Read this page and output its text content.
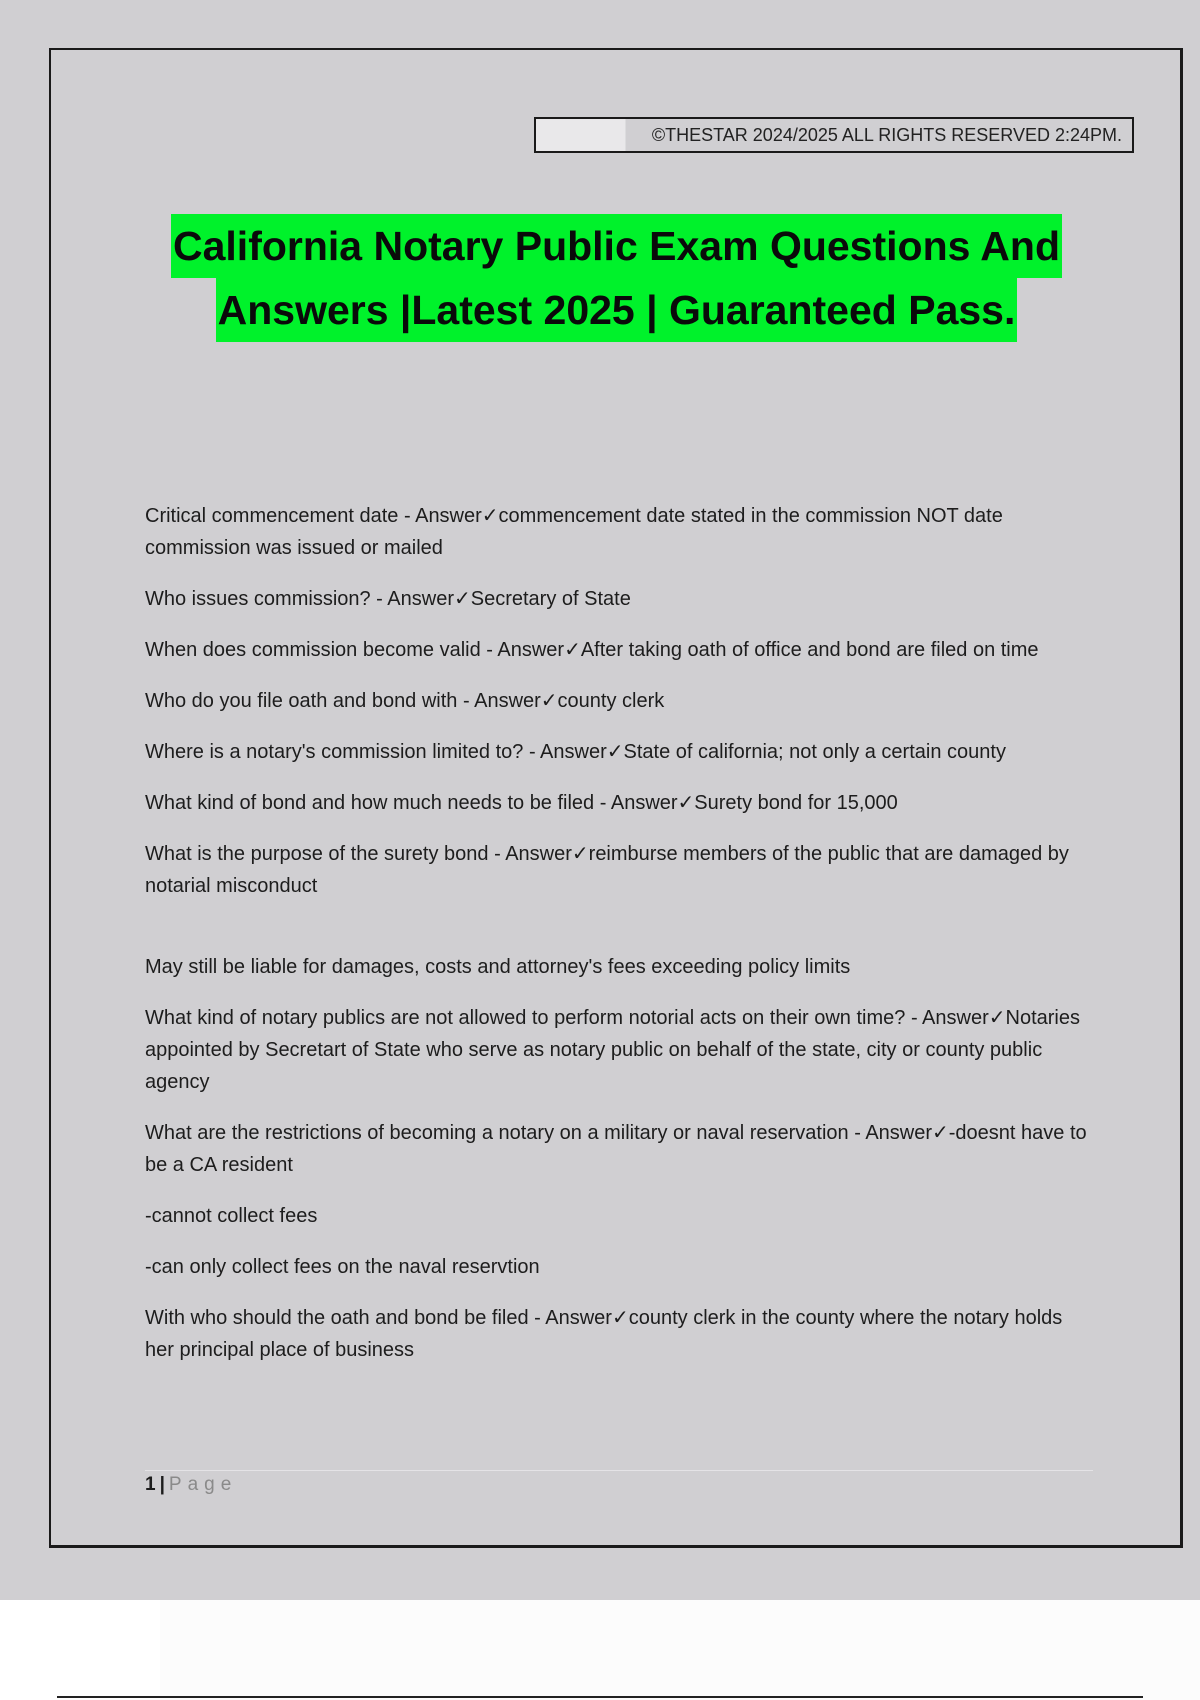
©THESTAR 2024/2025 ALL RIGHTS RESERVED 2:24PM.
California Notary Public Exam Questions And
Answers |Latest 2025 | Guaranteed Pass.

Critical commencement date - Answer✓commencement date stated in the commission NOT date commission was issued or mailed

Who issues commission? - Answer✓Secretary of State

When does commission become valid - Answer✓After taking oath of office and bond are filed on time

Who do you file oath and bond with - Answer✓county clerk

Where is a notary's commission limited to? - Answer✓State of california; not only a certain county

What kind of bond and how much needs to be filed - Answer✓Surety bond for 15,000

What is the purpose of the surety bond - Answer✓reimburse members of the public that are damaged by notarial misconduct

May still be liable for damages, costs and attorney's fees exceeding policy limits

What kind of notary publics are not allowed to perform notorial acts on their own time? - Answer✓Notaries appointed by Secretart of State who serve as notary public on behalf of the state, city or county public agency

What are the restrictions of becoming a notary on a military or naval reservation - Answer✓-doesnt have to be a CA resident

-cannot collect fees

-can only collect fees on the naval reservtion

With who should the oath and bond be filed - Answer✓county clerk in the county where the notary holds her principal place of business

1 | Page
